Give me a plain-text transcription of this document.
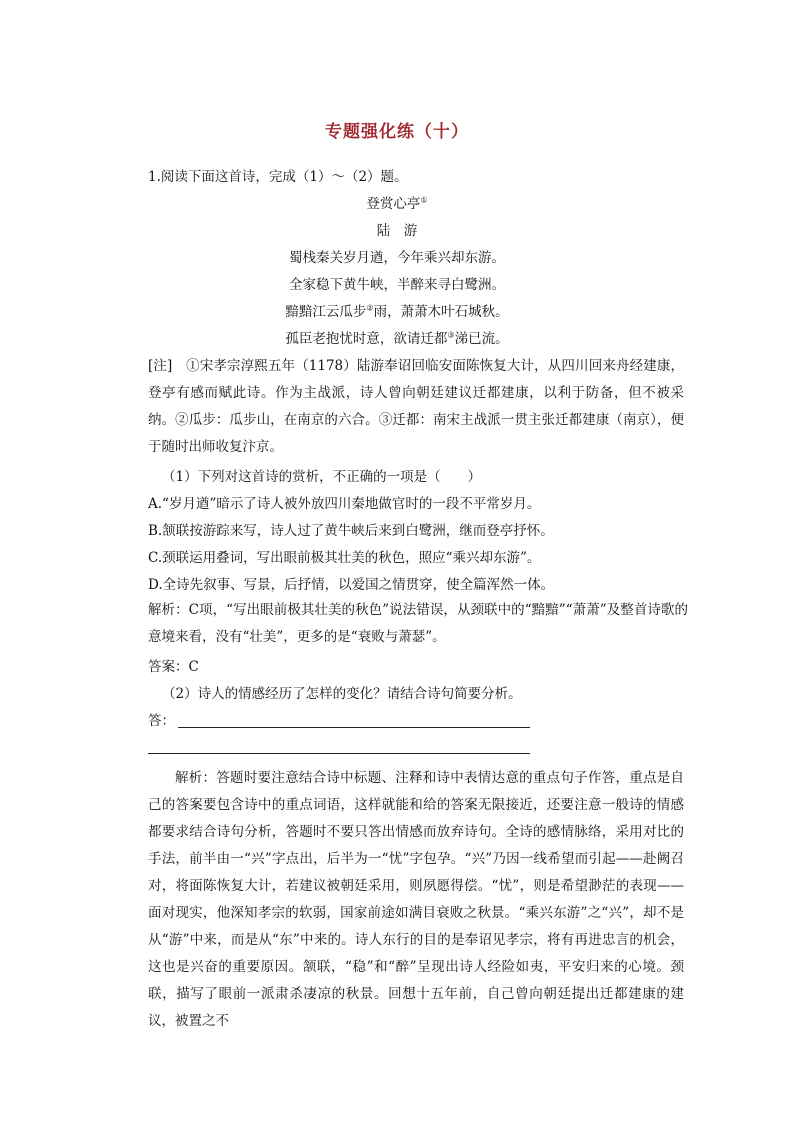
专题强化练（十）
1.阅读下面这首诗，完成（1）～（2）题。
登赏心亭①
陆　游
蜀栈秦关岁月遒，今年乘兴却东游。
全家稳下黄牛峡，半醉来寻白鹭洲。
黯黯江云瓜步②雨，萧萧木叶石城秋。
孤臣老抱忧时意，欲请迁都③涕已流。
[注]　①宋孝宗淳熙五年（1178）陆游奉诏回临安面陈恢复大计，从四川回来舟经建康，登亭有感而赋此诗。作为主战派，诗人曾向朝廷建议迁都建康，以利于防备，但不被采纳。②瓜步：瓜步山，在南京的六合。③迁都：南宋主战派一贯主张迁都建康（南京），便于随时出师收复汴京。
（1）下列对这首诗的赏析，不正确的一项是（　　）
A.“岁月遒”暗示了诗人被外放四川秦地做官时的一段不平常岁月。
B.颔联按游踪来写，诗人过了黄牛峡后来到白鹭洲，继而登亭抒怀。
C.颈联运用叠词，写出眼前极其壮美的秋色，照应“乘兴却东游”。
D.全诗先叙事、写景，后抒情，以爱国之情贯穿，使全篇浑然一体。
解析：C项，“写出眼前极其壮美的秋色”说法错误，从颈联中的“黯黯”“萧萧”及整首诗歌的意境来看，没有“壮美”，更多的是“衰败与萧瑟”。
答案：C
（2）诗人的情感经历了怎样的变化？请结合诗句简要分析。
答：
解析：答题时要注意结合诗中标题、注释和诗中表情达意的重点句子作答，重点是自己的答案要包含诗中的重点词语，这样就能和给的答案无限接近，还要注意一般诗的情感都要求结合诗句分析，答题时不要只答出情感而放弃诗句。全诗的感情脉络，采用对比的手法，前半由一“兴”字点出，后半为一“忧”字包孕。“兴”乃因一线希望而引起——赴阙召对，将面陈恢复大计，若建议被朝廷采用，则夙愿得偿。“忧”，则是希望渺茫的表现——面对现实，他深知孝宗的软弱，国家前途如满目衰败之秋景。“乘兴东游”之“兴”，却不是从“游”中来，而是从“东”中来的。诗人东行的目的是奉诏见孝宗，将有再进忠言的机会，这也是兴奋的重要原因。颔联，“稳”和“醉”呈现出诗人经险如夷，平安归来的心境。颈联，描写了眼前一派肃杀凄凉的秋景。回想十五年前，自己曾向朝廷提出迁都建康的建议，被置之不
